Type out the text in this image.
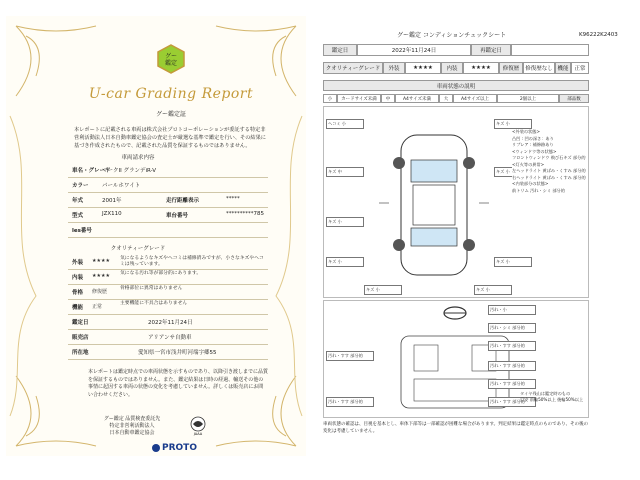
グー
鑑定
U-car Grading Report
グー鑑定証
本レポートに記載される車両は株式会社プロトコーポレーションが委託する特定非営利活動法人日本自動車鑑定協会の査定士が厳選な基準で鑑定を行い、その結果に基づき作成されたもので、記載された品質を保証するものではありません。
車両請求内容
車名・グレード
マークII グランデiR-V
カラー パールホワイト
年式	2001年	走行距離表示	*****
型式	JZX110	車台番号	**********785
les番号
クオリティーグレード
外装 ★★★★ 気になるようなキズやヘコミは補修済みですが、小さなキズやヘコミは残っています。
内装 ★★★★ 気になる汚れ等が部分的にあります。
骨格 修復歴
骨格部位に異常はありません
機能 正常
主要機能に不具合はありません
鑑定日	2022年11月24日
販売店	アリアンサ自動車
所在地	愛知県一宮市浅井町河端字郷55
本レポートは鑑定時点での車両状態を示すものであり、以降引き渡しまでに品質を保証するものではありません。また、鑑定結果は日時の経過、輸送その他の事情に起因する車両の状態の変化を考慮していません。詳しくは販売店にお問い合わせください。
グー鑑定 品質検査委託先
特定非営利活動法人
日本自動車鑑定協会	JAAA
PROTO
グー鑑定 コンディションチェックシート	K96222K2403
鑑定日	2022年11月24日	再鑑定日
クオリティーグレード	外装	★★★★	内装	★★★★	修復歴	修復歴なし 機能	正常
車両状態の説明
小	カードサイズ未満	中	A4サイズ未満	大	A4サイズ以上	2個以上	部品数
ヘコミ 小
キズ 中
キズ 小
キズ 小
キズ 小
キズ 小
キズ 小
キズ 小	キズ 小
<外装の状態>
凸凹 : 凹の深さ：あり
リプレア : 補修跡あり
<ウィンドウ等の状態>
フロントウィンドウ 飛び石キズ 部分的
<灯火等の異常>
左ヘッドライト 黄ばみ・くすみ 部分的
右ヘッドライト 黄ばみ・くすみ 部分的
<内装部分の状態>
前トリム 汚れ・シミ 部分的
汚れ・すす 部分的
汚れ・小
汚れ・シミ 部分的
汚れ・すす 部分的
汚れ・すす 部分的
汚れ・すす 部分的
汚れ・すす 部分的
汚れ・すす 部分的
タイヤ残山は鑑定時のもの
目安 前輪50%以上 後輪50%以上
車両状態の確認は、目視を基本とし、車体下部等は一部確認が困難な場合があります。判定結果は鑑定時点のものであり、その後の変化は考慮していません。
